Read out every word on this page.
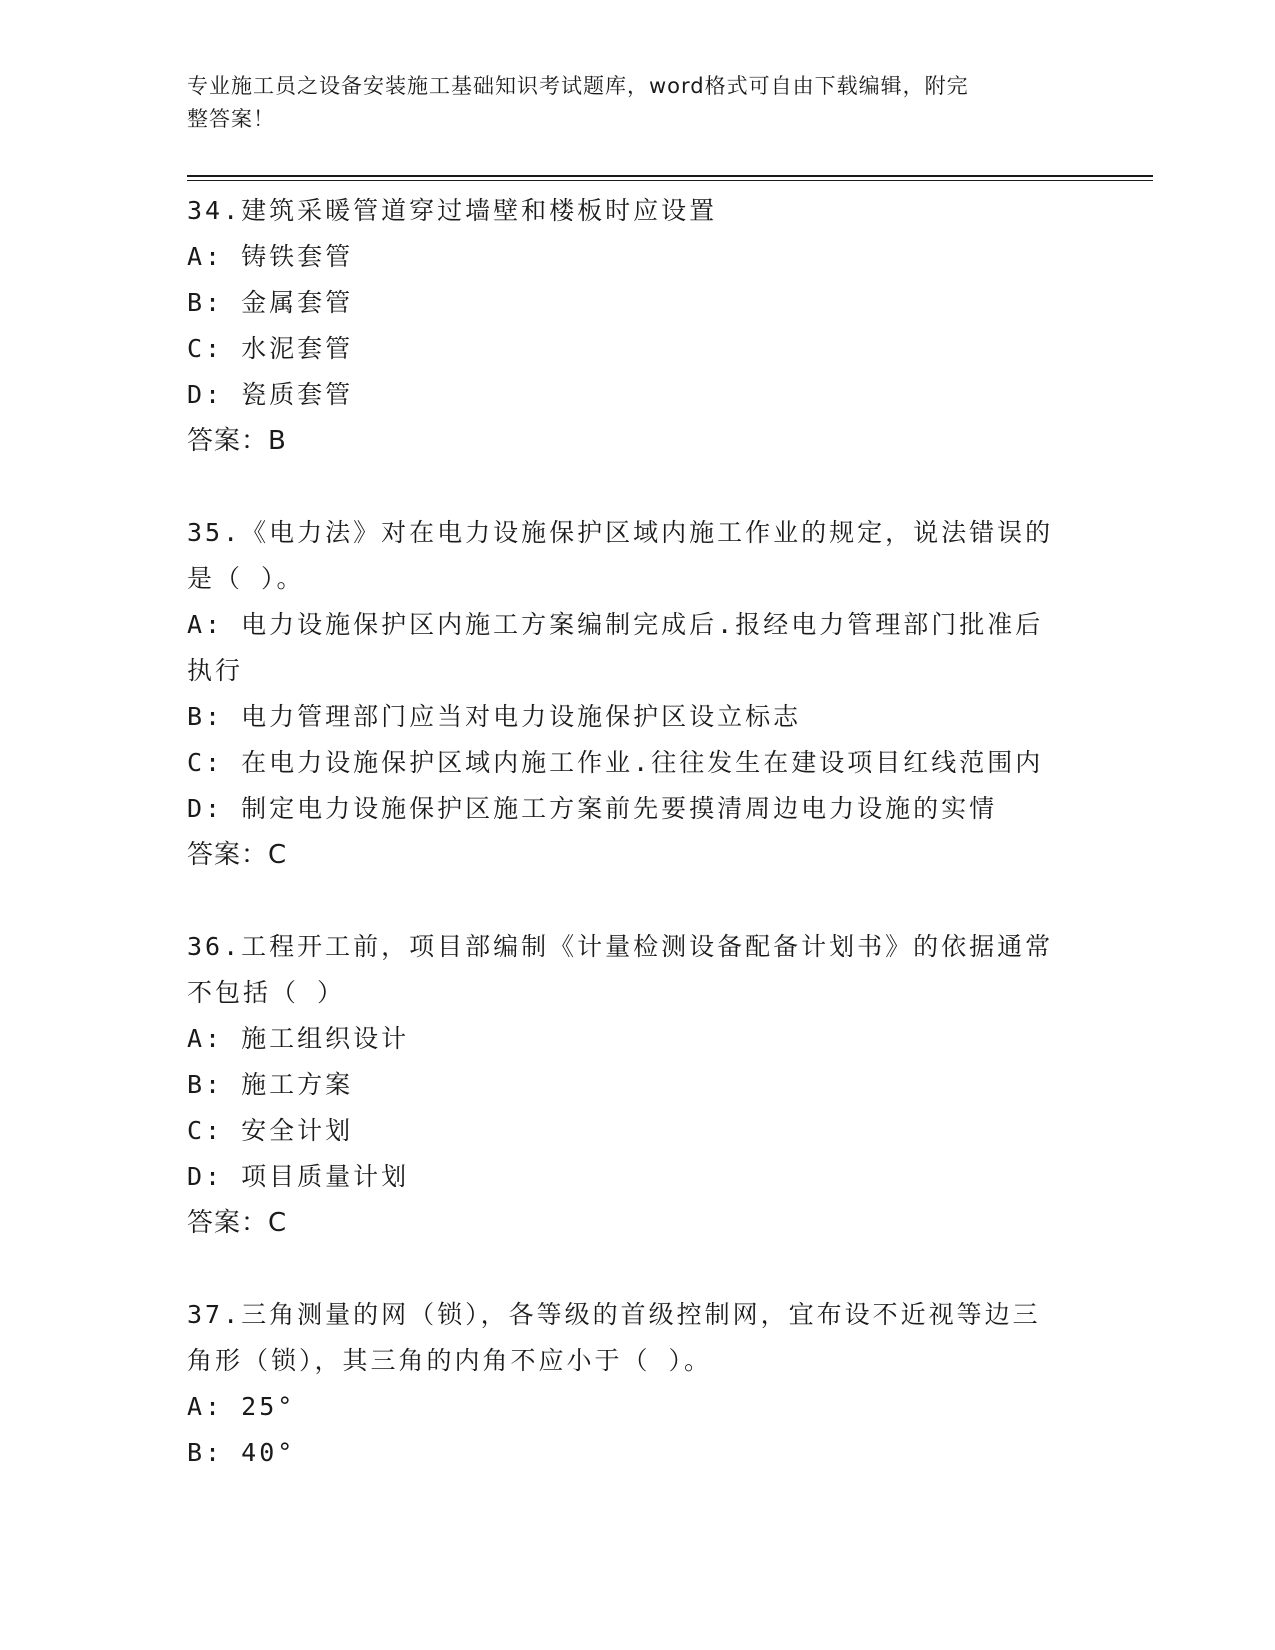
专业施工员之设备安装施工基础知识考试题库，word格式可自由下载编辑，附完
整答案！
34.建筑采暖管道穿过墙壁和楼板时应设置
A: 铸铁套管
B: 金属套管
C: 水泥套管
D: 瓷质套管
答案：B
35.《电力法》对在电力设施保护区域内施工作业的规定，说法错误的
是（ ）。
A: 电力设施保护区内施工方案编制完成后.报经电力管理部门批准后
执行
B: 电力管理部门应当对电力设施保护区设立标志
C: 在电力设施保护区域内施工作业.往往发生在建设项目红线范围内
D: 制定电力设施保护区施工方案前先要摸清周边电力设施的实情
答案：C
36.工程开工前，项目部编制《计量检测设备配备计划书》的依据通常
不包括（ ）
A: 施工组织设计
B: 施工方案
C: 安全计划
D: 项目质量计划
答案：C
37.三角测量的网（锁），各等级的首级控制网，宜布设不近视等边三
角形（锁），其三角的内角不应小于（ ）。
A: 25°
B: 40°
